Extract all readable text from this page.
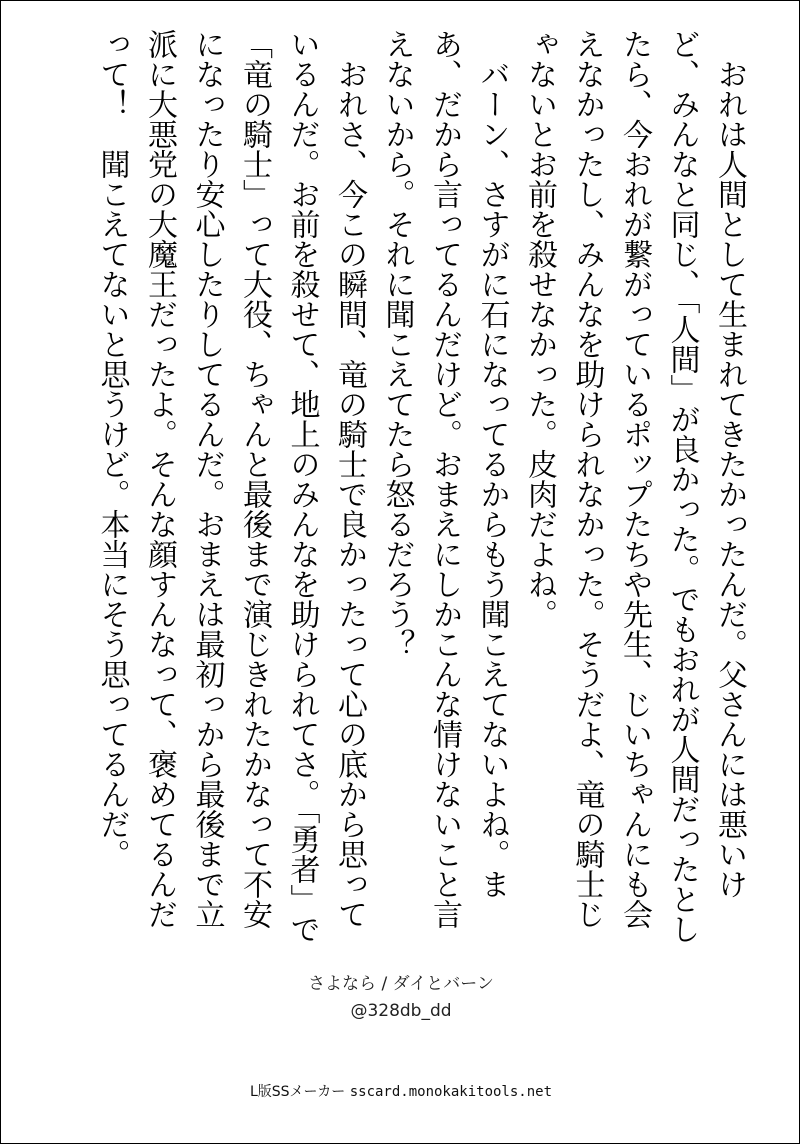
おれは人間として生まれてきたかったんだ。父さんには悪いけど、みんなと同じ、「人間」が良かった。でもおれが人間だったとしたら、今おれが繋がっているポップたちや先生、じいちゃんにも会えなかったし、みんなを助けられなかった。そうだよ、竜の騎士じゃないとお前を殺せなかった。皮肉だよね。

バーン、さすがに石になってるからもう聞こえてないよね。まあ、だから言ってるんだけど。おまえにしかこんな情けないこと言えないから。それに聞こえてたら怒るだろう？

おれさ、今この瞬間、竜の騎士で良かったって心の底から思っているんだ。お前を殺せて、地上のみんなを助けられてさ。「勇者」で「竜の騎士」って大役、ちゃんと最後まで演じきれたかなって不安になったり安心したりしてるんだ。おまえは最初っから最後まで立派に大悪党の大魔王だったよ。そんな顔すんなって、褒めてるんだって！　聞こえてないと思うけど。本当にそう思ってるんだ。

さよなら / ダイとバーン
@328db_dd
L版SSメーカー sscard.monokakitools.net
